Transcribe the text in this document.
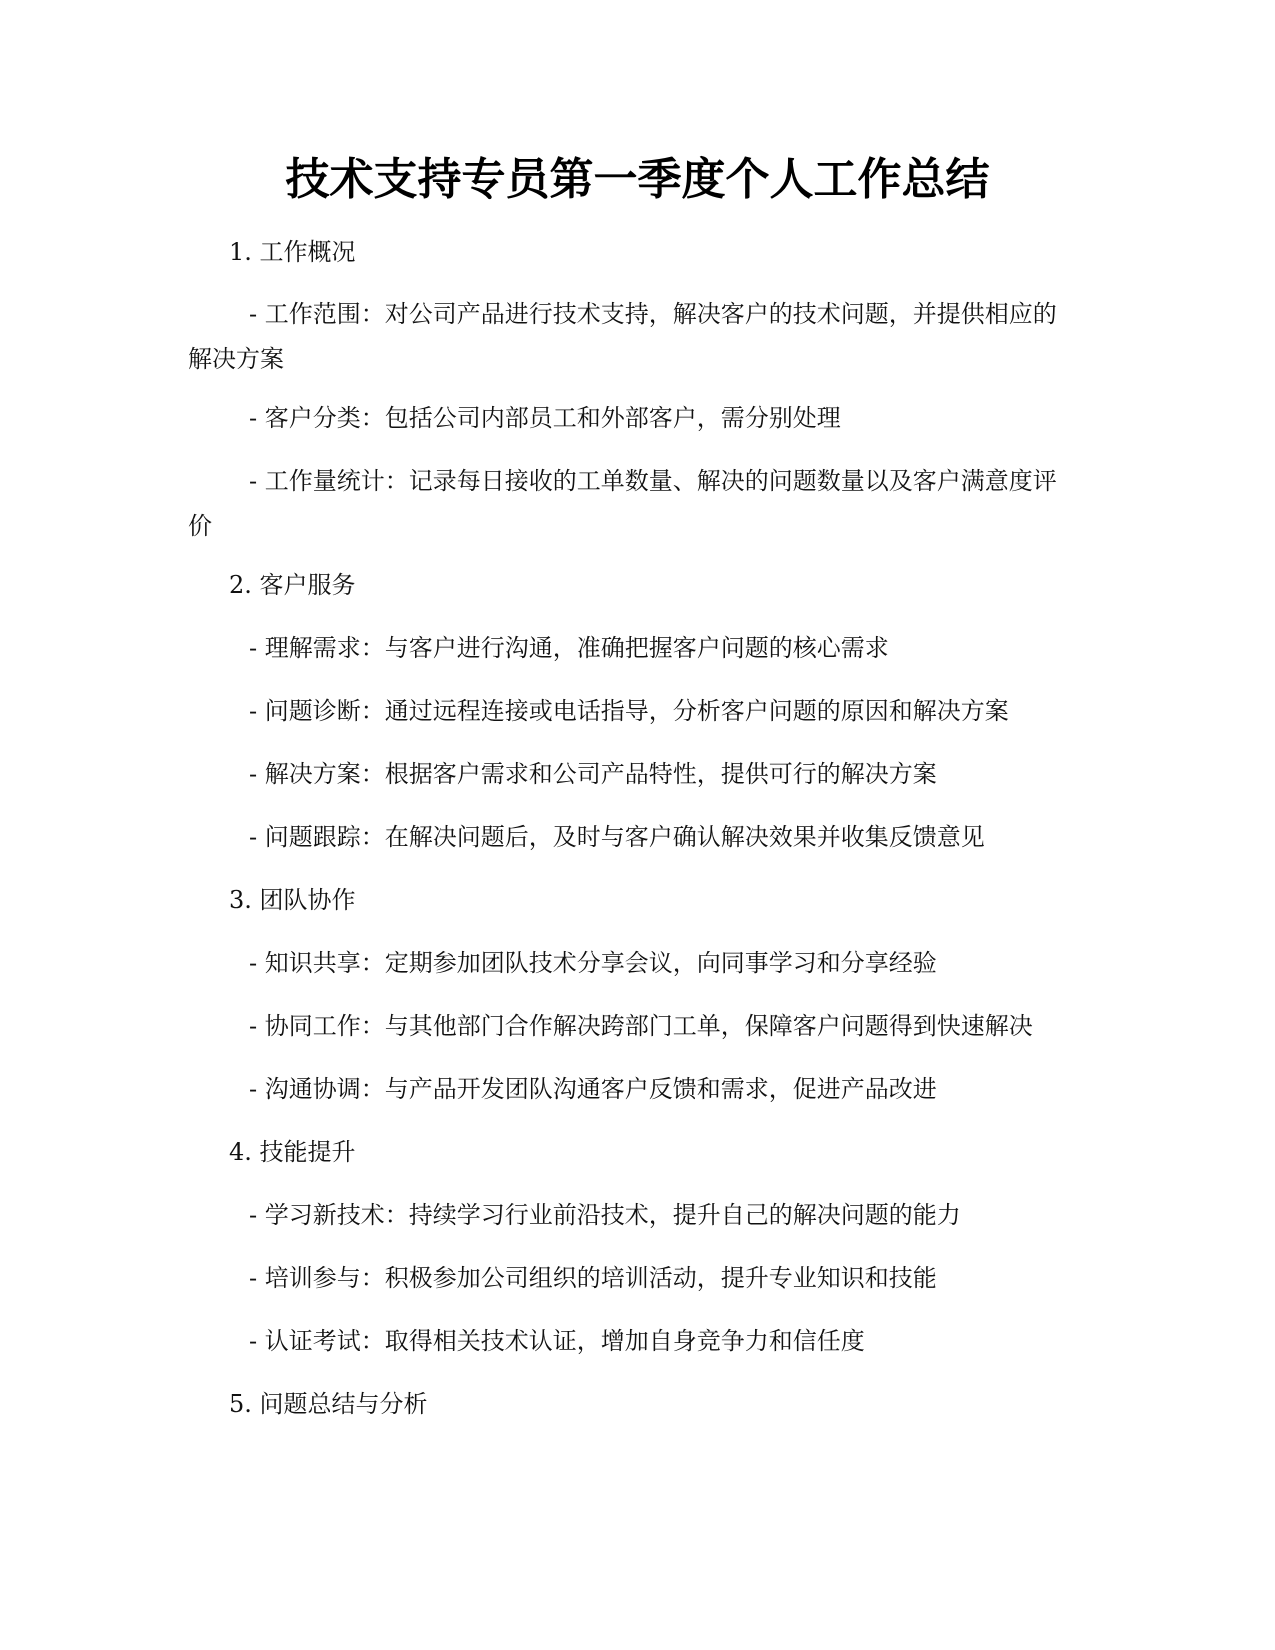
技术支持专员第一季度个人工作总结

1. 工作概况

- 工作范围：对公司产品进行技术支持，解决客户的技术问题，并提供相应的解决方案

- 客户分类：包括公司内部员工和外部客户，需分别处理

- 工作量统计：记录每日接收的工单数量、解决的问题数量以及客户满意度评价

2. 客户服务

- 理解需求：与客户进行沟通，准确把握客户问题的核心需求

- 问题诊断：通过远程连接或电话指导，分析客户问题的原因和解决方案

- 解决方案：根据客户需求和公司产品特性，提供可行的解决方案

- 问题跟踪：在解决问题后，及时与客户确认解决效果并收集反馈意见

3. 团队协作

- 知识共享：定期参加团队技术分享会议，向同事学习和分享经验

- 协同工作：与其他部门合作解决跨部门工单，保障客户问题得到快速解决

- 沟通协调：与产品开发团队沟通客户反馈和需求，促进产品改进

4. 技能提升

- 学习新技术：持续学习行业前沿技术，提升自己的解决问题的能力

- 培训参与：积极参加公司组织的培训活动，提升专业知识和技能

- 认证考试：取得相关技术认证，增加自身竞争力和信任度

5. 问题总结与分析
